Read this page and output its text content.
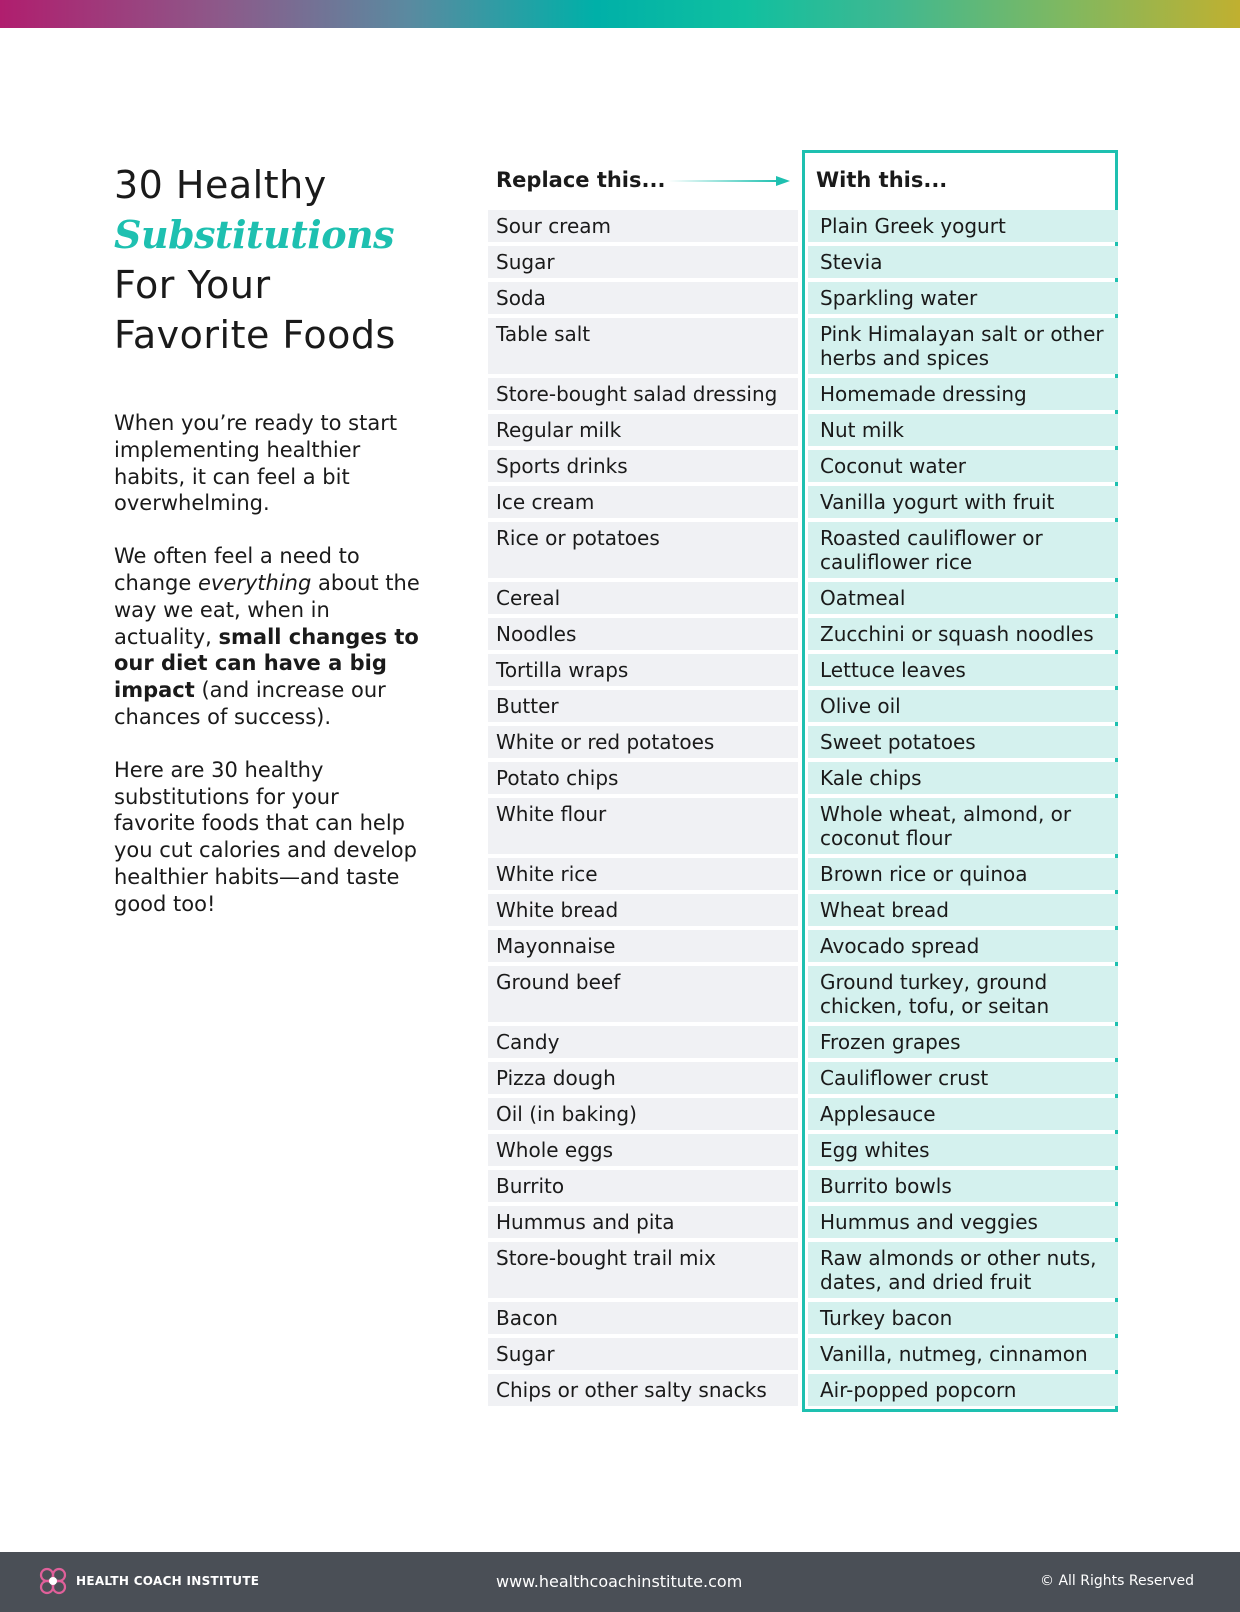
30 Healthy
Substitutions
For Your
Favorite Foods

When you’re ready to start implementing healthier habits, it can feel a bit overwhelming.

We often feel a need to change everything about the way we eat, when in actuality, small changes to our diet can have a big impact (and increase our chances of success).

Here are 30 healthy substitutions for your favorite foods that can help you cut calories and develop healthier habits—and taste good too!

Replace this...	With this...
Sour cream	Plain Greek yogurt
Sugar	Stevia
Soda	Sparkling water
Table salt	Pink Himalayan salt or other herbs and spices
Store-bought salad dressing	Homemade dressing
Regular milk	Nut milk
Sports drinks	Coconut water
Ice cream	Vanilla yogurt with fruit
Rice or potatoes	Roasted cauliflower or cauliflower rice
Cereal	Oatmeal
Noodles	Zucchini or squash noodles
Tortilla wraps	Lettuce leaves
Butter	Olive oil
White or red potatoes	Sweet potatoes
Potato chips	Kale chips
White flour	Whole wheat, almond, or coconut flour
White rice	Brown rice or quinoa
White bread	Wheat bread
Mayonnaise	Avocado spread
Ground beef	Ground turkey, ground chicken, tofu, or seitan
Candy	Frozen grapes
Pizza dough	Cauliflower crust
Oil (in baking)	Applesauce
Whole eggs	Egg whites
Burrito	Burrito bowls
Hummus and pita	Hummus and veggies
Store-bought trail mix	Raw almonds or other nuts, dates, and dried fruit
Bacon	Turkey bacon
Sugar	Vanilla, nutmeg, cinnamon
Chips or other salty snacks	Air-popped popcorn
HEALTH COACH INSTITUTE	www.healthcoachinstitute.com	© All Rights Reserved
